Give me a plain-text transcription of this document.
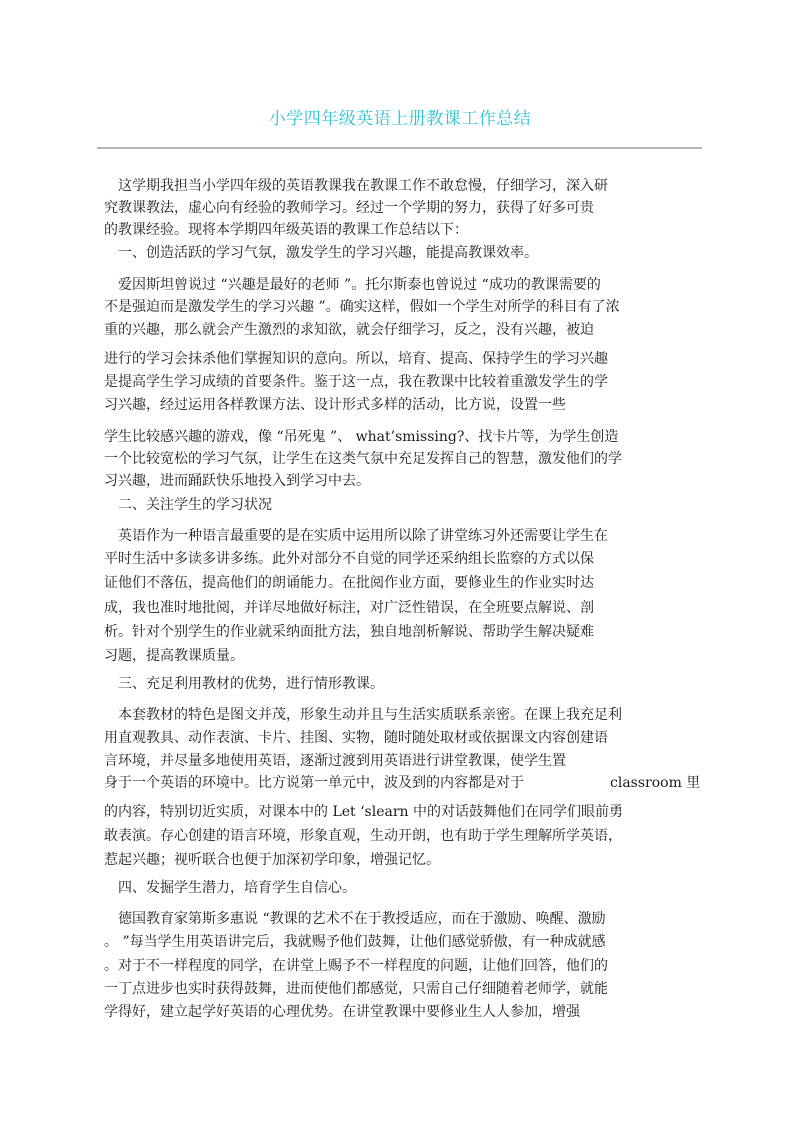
小学四年级英语上册教课工作总结
这学期我担当小学四年级的英语教课我在教课工作不敢怠慢，仔细学习，深入研
究教课教法，虚心向有经验的教师学习。经过一个学期的努力，获得了好多可贵
的教课经验。现将本学期四年级英语的教课工作总结以下：
一、创造活跃的学习气氛，激发学生的学习兴趣，能提高教课效率。
爱因斯坦曾说过 “兴趣是最好的老师 ”。托尔斯泰也曾说过 “成功的教课需要的
不是强迫而是激发学生的学习兴趣 ”。确实这样，假如一个学生对所学的科目有了浓
重的兴趣，那么就会产生激烈的求知欲，就会仔细学习，反之，没有兴趣，被迫
进行的学习会抹杀他们掌握知识的意向。所以，培育、提高、保持学生的学习兴趣
是提高学生学习成绩的首要条件。鉴于这一点，我在教课中比较着重激发学生的学
习兴趣，经过运用各样教课方法、设计形式多样的活动，比方说，设置一些
学生比较感兴趣的游戏，像 “吊死鬼 ”、 what’smissing?、找卡片等，为学生创造
一个比较宽松的学习气氛，让学生在这类气氛中充足发挥自己的智慧，激发他们的学
习兴趣，进而踊跃快乐地投入到学习中去。
二、关注学生的学习状况
英语作为一种语言最重要的是在实质中运用所以除了讲堂练习外还需要让学生在
平时生活中多读多讲多练。此外对部分不自觉的同学还采纳组长监察的方式以保
证他们不落伍，提高他们的朗诵能力。在批阅作业方面，要修业生的作业实时达
成，我也准时地批阅，并详尽地做好标注，对广泛性错误，在全班要点解说、剖
析。针对个别学生的作业就采纳面批方法，独自地剖析解说、帮助学生解决疑难
习题，提高教课质量。
三、充足利用教材的优势，进行情形教课。
本套教材的特色是图文并茂，形象生动并且与生活实质联系亲密。在课上我充足利
用直观教具、动作表演、卡片、挂图、实物，随时随处取材或依据课文内容创建语
言环境，并尽量多地使用英语，逐渐过渡到用英语进行讲堂教课，使学生置
身于一个英语的环境中。比方说第一单元中，波及到的内容都是对于	classroom 里
的内容，特别切近实质，对课本中的 Let ‘slearn 中的对话鼓舞他们在同学们眼前勇
敢表演。存心创建的语言环境，形象直观，生动开朗，也有助于学生理解所学英语，
惹起兴趣；视听联合也便于加深初学印象，增强记忆。
四、发掘学生潜力，培育学生自信心。
德国教育家第斯多惠说 “教课的艺术不在于教授适应，而在于激励、唤醒、激励
。 ”每当学生用英语讲完后，我就赐予他们鼓舞，让他们感觉骄傲，有一种成就感
。对于不一样程度的同学，在讲堂上赐予不一样程度的问题，让他们回答，他们的
一丁点进步也实时获得鼓舞，进而使他们都感觉，只需自己仔细随着老师学，就能
学得好，建立起学好英语的心理优势。在讲堂教课中要修业生人人参加，增强
